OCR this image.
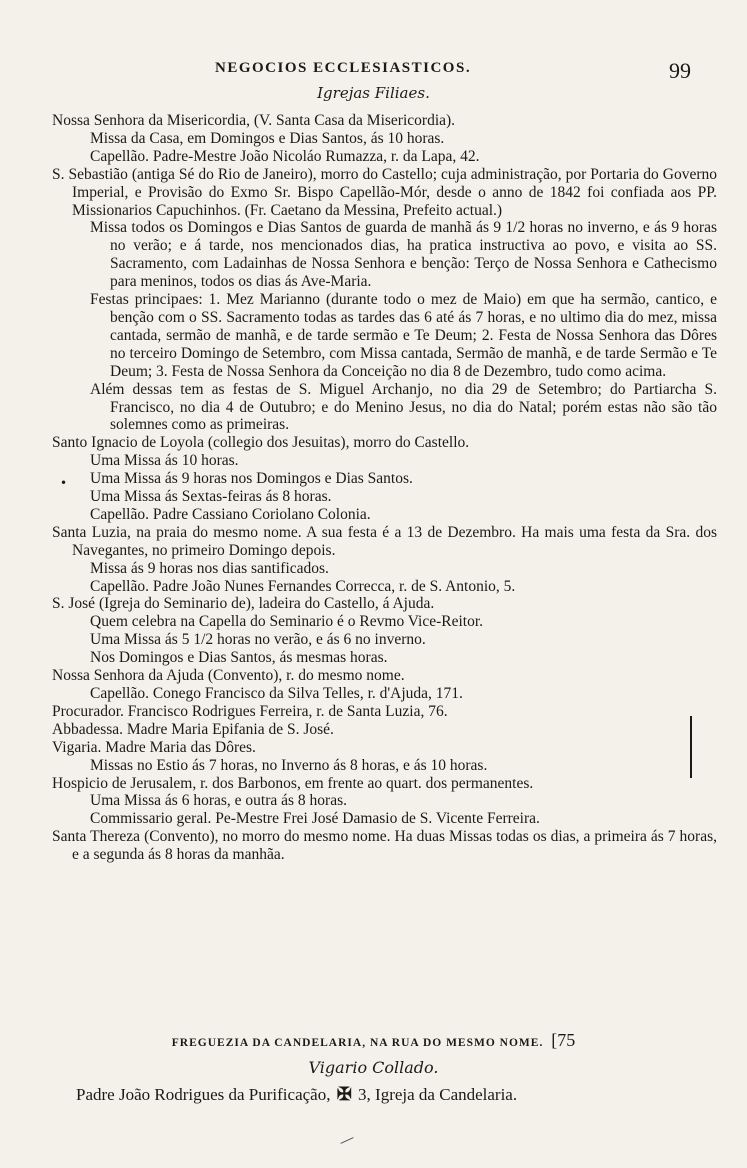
NEGOCIOS ECCLESIASTICOS.	99
Igrejas Filiaes.
Nossa Senhora da Misericordia, (V. Santa Casa da Misericordia).
Missa da Casa, em Domingos e Dias Santos, ás 10 horas.
Capellão. Padre-Mestre João Nicoláo Rumazza, r. da Lapa, 42.
S. Sebastião (antiga Sé do Rio de Janeiro), morro do Castello; cuja administração, por Portaria do Governo Imperial, e Provisão do Exmo Sr. Bispo Capellão-Mór, desde o anno de 1842 foi confiada aos PP. Missionarios Capuchinhos. (Fr. Caetano da Messina, Prefeito actual.)
Missa todos os Domingos e Dias Santos de guarda de manhã ás 9 1/2 horas no inverno, e ás 9 horas no verão; e á tarde, nos mencionados dias, ha pratica instructiva ao povo, e visita ao SS. Sacramento, com Ladainhas de Nossa Senhora e benção: Terço de Nossa Senhora e Cathecismo para meninos, todos os dias ás Ave-Maria.
Festas principaes: 1. Mez Marianno (durante todo o mez de Maio) em que ha sermão, cantico, e benção com o SS. Sacramento todas as tardes das 6 até ás 7 horas, e no ultimo dia do mez, missa cantada, sermão de manhã, e de tarde sermão e Te Deum; 2. Festa de Nossa Senhora das Dôres no terceiro Domingo de Setembro, com Missa cantada, Sermão de manhã, e de tarde Sermão e Te Deum; 3. Festa de Nossa Senhora da Conceição no dia 8 de Dezembro, tudo como acima.
Além dessas tem as festas de S. Miguel Archanjo, no dia 29 de Setembro; do Partiarcha S. Francisco, no dia 4 de Outubro; e do Menino Jesus, no dia do Natal; porém estas não são tão solemnes como as primeiras.
Santo Ignacio de Loyola (collegio dos Jesuitas), morro do Castello.
Uma Missa ás 10 horas.
Uma Missa ás 9 horas nos Domingos e Dias Santos.
Uma Missa ás Sextas-feiras ás 8 horas.
Capellão. Padre Cassiano Coriolano Colonia.
Santa Luzia, na praia do mesmo nome. A sua festa é a 13 de Dezembro. Ha mais uma festa da Sra. dos Navegantes, no primeiro Domingo depois.
Missa ás 9 horas nos dias santificados.
Capellão. Padre João Nunes Fernandes Correcca, r. de S. Antonio, 5.
S. José (Igreja do Seminario de), ladeira do Castello, á Ajuda.
Quem celebra na Capella do Seminario é o Revmo Vice-Reitor.
Uma Missa ás 5 1/2 horas no verão, e ás 6 no inverno.
Nos Domingos e Dias Santos, ás mesmas horas.
Nossa Senhora da Ajuda (Convento), r. do mesmo nome.
Capellão. Conego Francisco da Silva Telles, r. d'Ajuda, 171.
Procurador. Francisco Rodrigues Ferreira, r. de Santa Luzia, 76.
Abbadessa. Madre Maria Epifania de S. José.
Vigaria. Madre Maria das Dôres.
Missas no Estio ás 7 horas, no Inverno ás 8 horas, e ás 10 horas.
Hospicio de Jerusalem, r. dos Barbonos, em frente ao quart. dos permanentes.
Uma Missa ás 6 horas, e outra ás 8 horas.
Commissario geral. Pe-Mestre Frei José Damasio de S. Vicente Ferreira.
Santa Thereza (Convento), no morro do mesmo nome. Ha duas Missas todas os dias, a primeira ás 7 horas, e a segunda ás 8 horas da manhãa.
•
FREGUEZIA DA CANDELARIA, NA RUA DO MESMO NOME. [75
Vigario Collado.
Padre João Rodrigues da Purificação, ✠ 3, Igreja da Candelaria.
